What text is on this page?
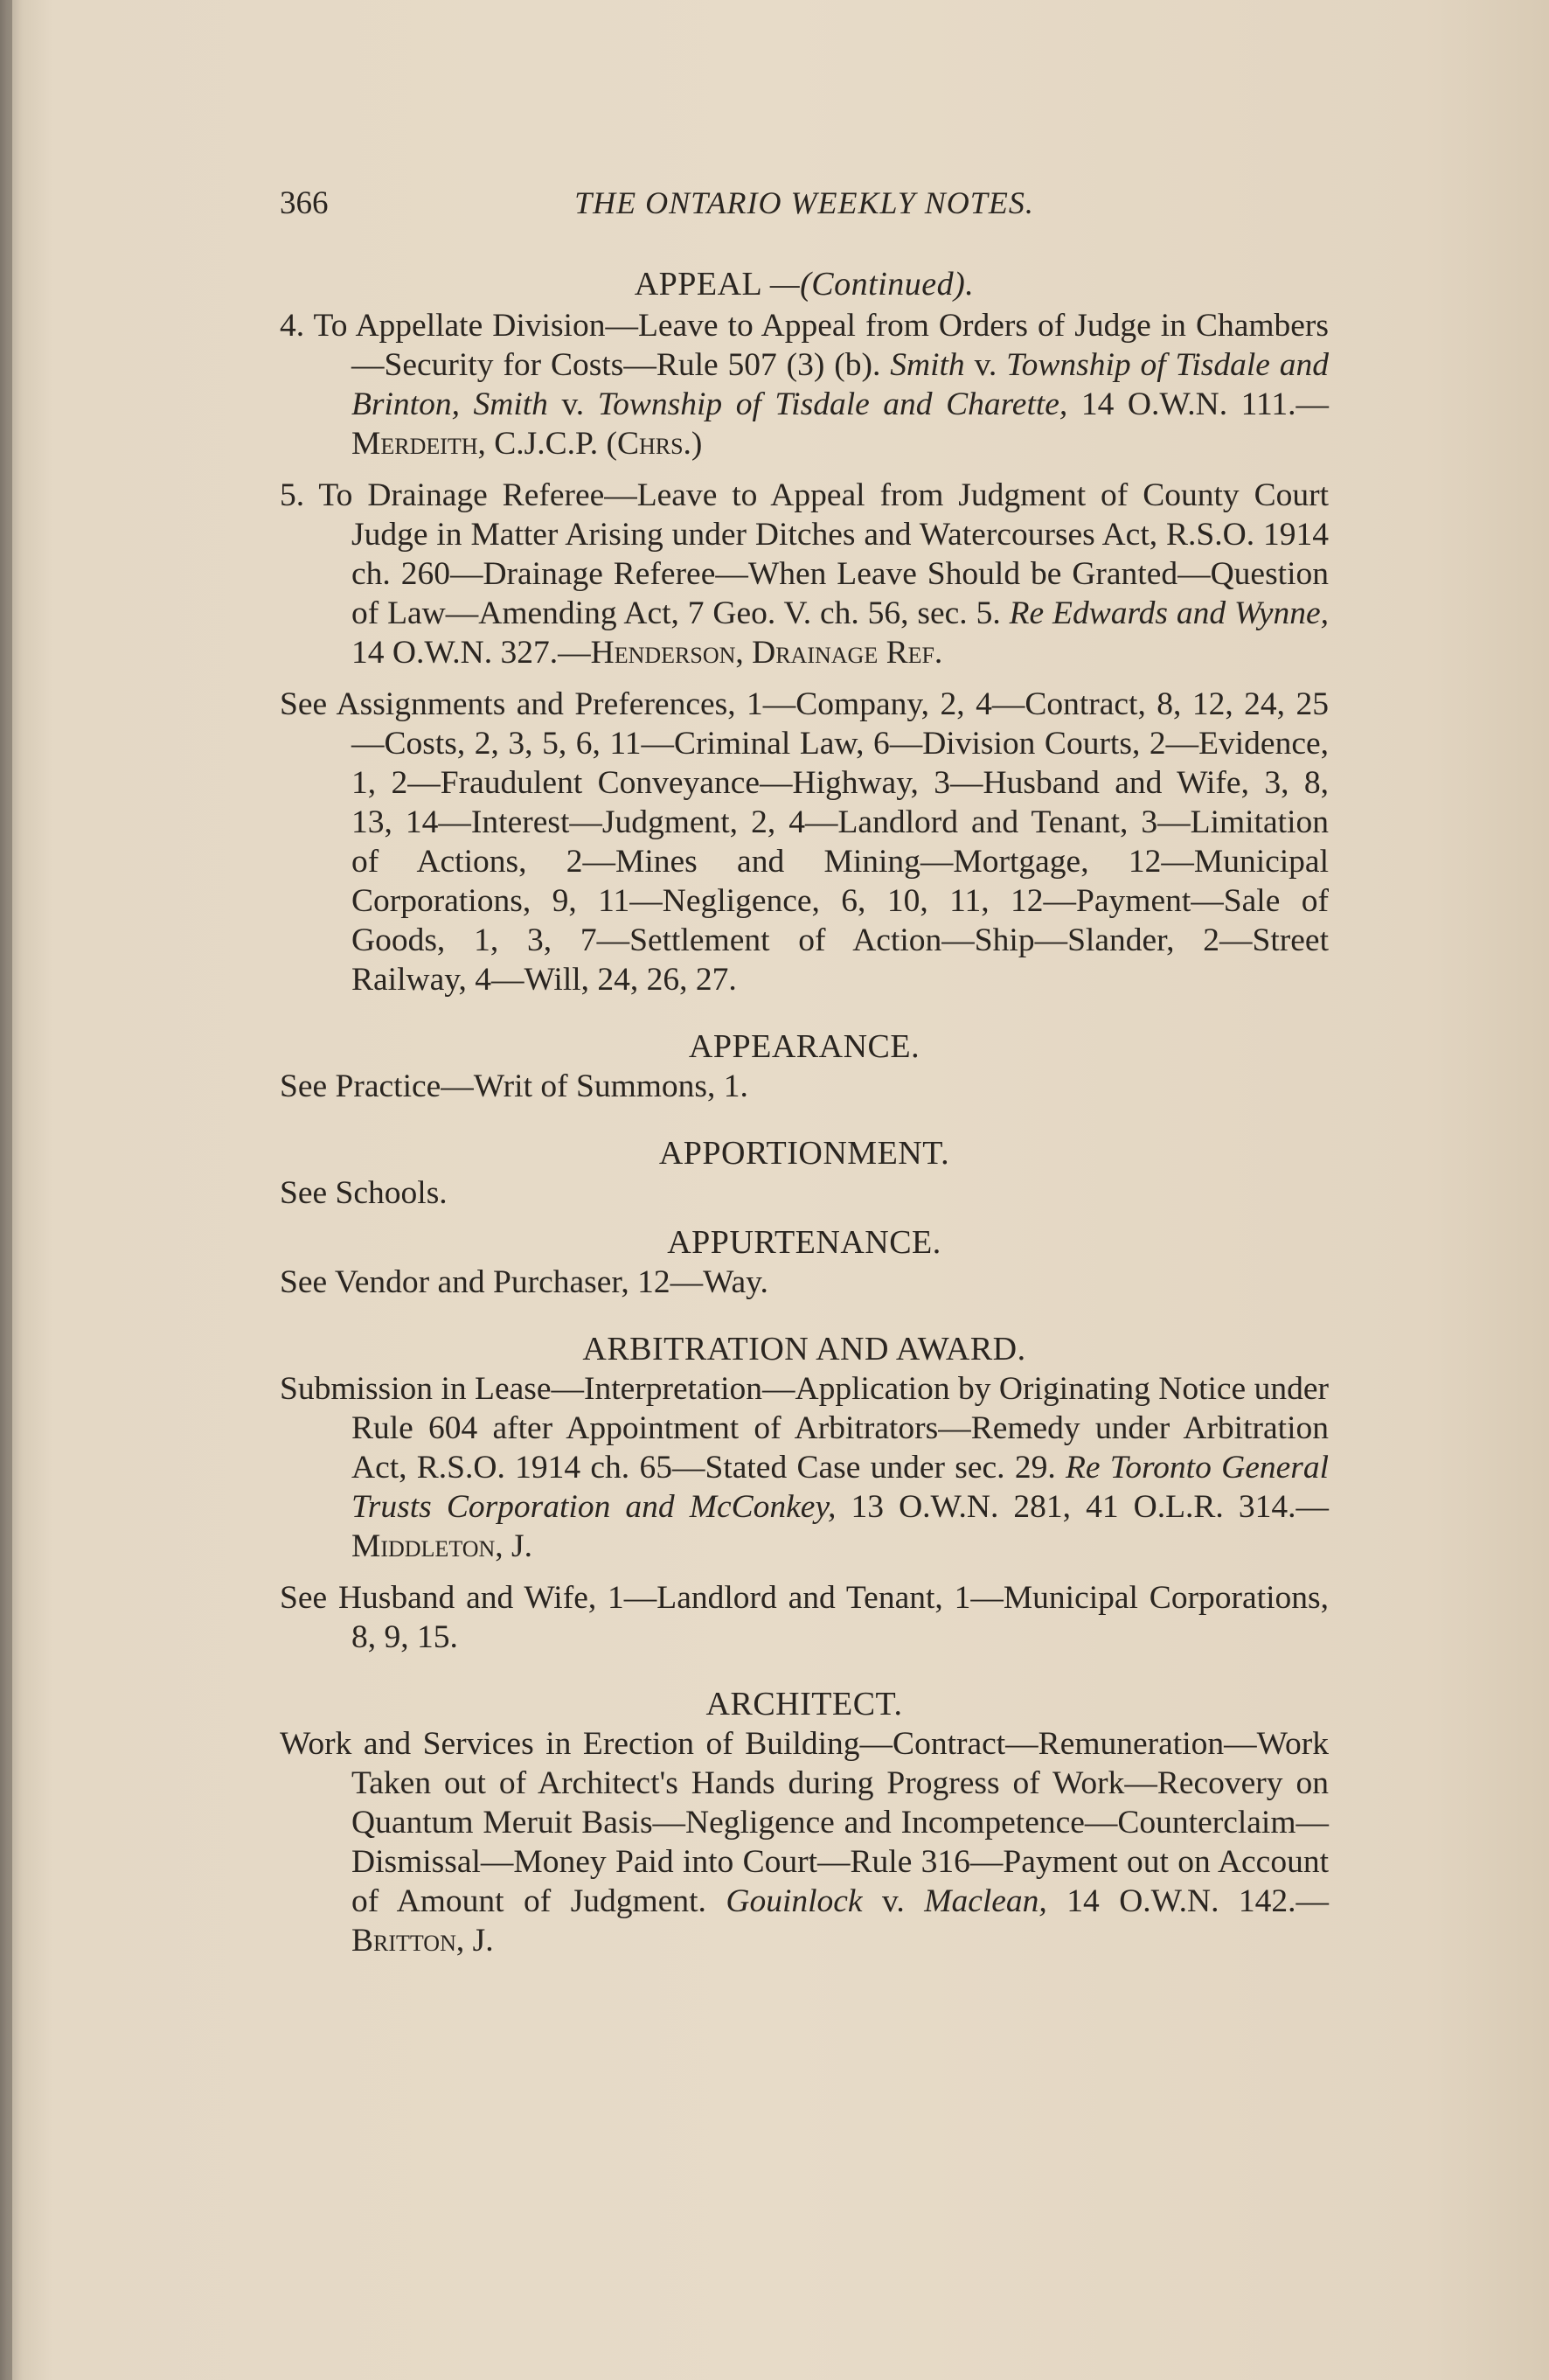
366	THE ONTARIO WEEKLY NOTES.
APPEAL —(Continued).

4. To Appellate Division—Leave to Appeal from Orders of Judge in Chambers—Security for Costs—Rule 507 (3) (b). Smith v. Township of Tisdale and Brinton, Smith v. Township of Tisdale and Charette, 14 O.W.N. 111.—Merdeith, C.J.C.P. (Chrs.)

5. To Drainage Referee—Leave to Appeal from Judgment of County Court Judge in Matter Arising under Ditches and Watercourses Act, R.S.O. 1914 ch. 260—Drainage Referee—When Leave Should be Granted—Question of Law—Amending Act, 7 Geo. V. ch. 56, sec. 5. Re Edwards and Wynne, 14 O.W.N. 327.—Henderson, Drainage Ref.

See Assignments and Preferences, 1—Company, 2, 4—Contract, 8, 12, 24, 25—Costs, 2, 3, 5, 6, 11—Criminal Law, 6—Division Courts, 2—Evidence, 1, 2—Fraudulent Conveyance—Highway, 3—Husband and Wife, 3, 8, 13, 14—Interest—Judgment, 2, 4—Landlord and Tenant, 3—Limitation of Actions, 2—Mines and Mining—Mortgage, 12—Municipal Corporations, 9, 11—Negligence, 6, 10, 11, 12—Payment—Sale of Goods, 1, 3, 7—Settlement of Action—Ship—Slander, 2—Street Railway, 4—Will, 24, 26, 27.

APPEARANCE.

See Practice—Writ of Summons, 1.

APPORTIONMENT.

See Schools.

APPURTENANCE.

See Vendor and Purchaser, 12—Way.

ARBITRATION AND AWARD.

Submission in Lease—Interpretation—Application by Originating Notice under Rule 604 after Appointment of Arbitrators—Remedy under Arbitration Act, R.S.O. 1914 ch. 65—Stated Case under sec. 29. Re Toronto General Trusts Corporation and McConkey, 13 O.W.N. 281, 41 O.L.R. 314.—Middleton, J.

See Husband and Wife, 1—Landlord and Tenant, 1—Municipal Corporations, 8, 9, 15.

ARCHITECT.

Work and Services in Erection of Building—Contract—Remuneration—Work Taken out of Architect's Hands during Progress of Work—Recovery on Quantum Meruit Basis—Negligence and Incompetence—Counterclaim—Dismissal—Money Paid into Court—Rule 316—Payment out on Account of Amount of Judgment. Gouinlock v. Maclean, 14 O.W.N. 142.—Britton, J.
